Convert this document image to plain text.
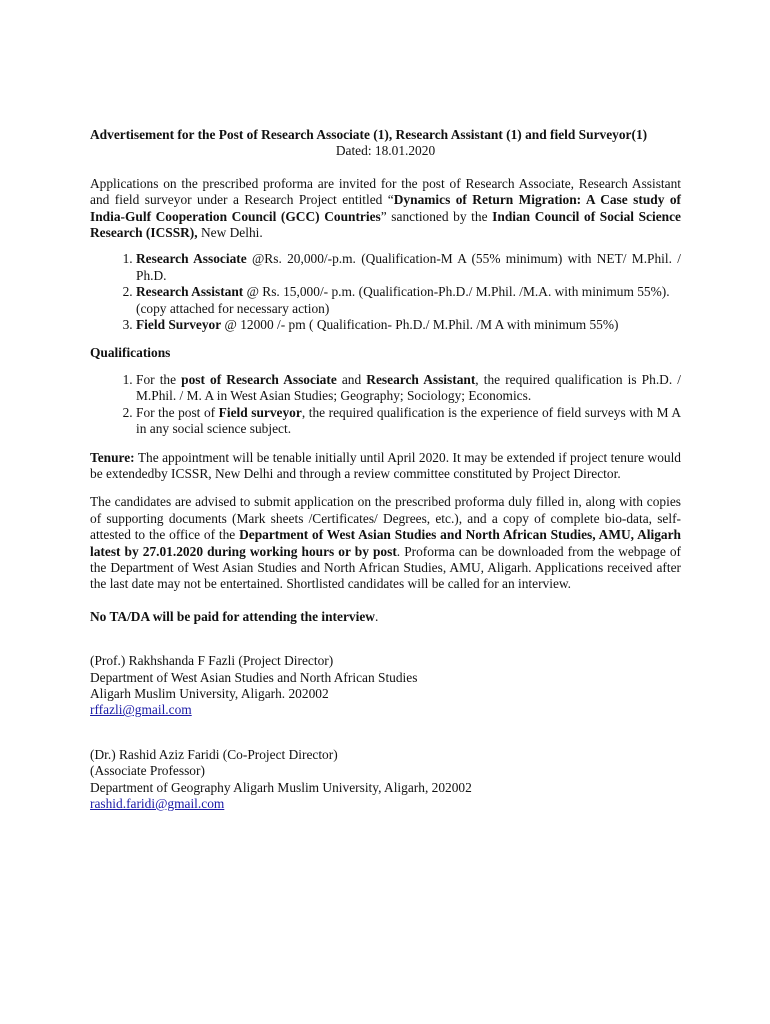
Advertisement for the Post of Research Associate (1), Research Assistant (1) and field Surveyor(1)

Dated: 18.01.2020

Applications on the prescribed proforma are invited for the post of Research Associate, Research Assistant and field surveyor under a Research Project entitled “Dynamics of Return Migration: A Case study of India-Gulf Cooperation Council (GCC) Countries” sanctioned by the Indian Council of Social Science Research (ICSSR), New Delhi.

1. Research Associate @Rs. 20,000/-p.m. (Qualification-M A (55% minimum) with NET/ M.Phil. / Ph.D.
2. Research Assistant @ Rs. 15,000/- p.m. (Qualification-Ph.D./ M.Phil. /M.A. with minimum 55%).
(copy attached for necessary action)
3. Field Surveyor @ 12000 /- pm ( Qualification- Ph.D./ M.Phil. /M A with minimum 55%)

Qualifications

1. For the post of Research Associate and Research Assistant, the required qualification is Ph.D. / M.Phil. / M. A in West Asian Studies; Geography; Sociology; Economics.
2. For the post of Field surveyor, the required qualification is the experience of field surveys with M A in any social science subject.

Tenure: The appointment will be tenable initially until April 2020. It may be extended if project tenure would be extendedby ICSSR, New Delhi and through a review committee constituted by Project Director.

The candidates are advised to submit application on the prescribed proforma duly filled in, along with copies of supporting documents (Mark sheets /Certificates/ Degrees, etc.), and a copy of complete bio-data, self-attested to the office of the Department of West Asian Studies and North African Studies, AMU, Aligarh latest by 27.01.2020 during working hours or by post. Proforma can be downloaded from the webpage of the Department of West Asian Studies and North African Studies, AMU, Aligarh. Applications received after the last date may not be entertained. Shortlisted candidates will be called for an interview.

No TA/DA will be paid for attending the interview.

(Prof.) Rakhshanda F Fazli (Project Director)

Department of West Asian Studies and North African Studies

Aligarh Muslim University, Aligarh. 202002

rffazli@gmail.com

(Dr.) Rashid Aziz Faridi (Co-Project Director)

(Associate Professor)

Department of Geography Aligarh Muslim University, Aligarh, 202002

rashid.faridi@gmail.com
